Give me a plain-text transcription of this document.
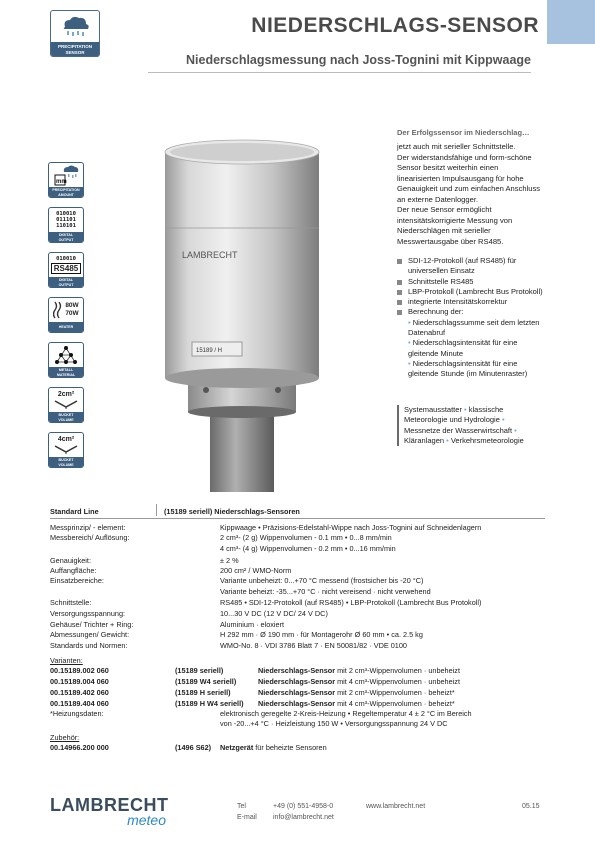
PRECIPITATION
SENSOR
NIEDERSCHLAGS-SENSOR
Niederschlagsmessung nach Joss-Tognini mit Kippwaage
mm
PRECIPITATION
AMOUNT
010010
011101
110101
DIGITAL
OUTPUT
010010
RS485
DIGITAL
OUTPUT
80W
70W
HEATER
METALL
MATERIAL
2cm²
BUCKET
VOLUME
4cm²
BUCKET
VOLUME
LAMBRECHT
15189 / H
Der Erfolgssensor im Niederschlag…

jetzt auch mit serieller Schnittstelle.

Der widerstandsfähige und form-schöne Sensor besitzt weiterhin einen linearisierten Impulsausgang für hohe Genauigkeit und zum einfachen Anschluss an externe Datenlogger.

Der neue Sensor ermöglicht intensitätskorrigierte Messung von Niederschlägen mit serieller Messwertausgabe über RS485.

SDI-12-Protokoll (auf RS485) für universellen Einsatz
Schnittstelle RS485
LBP-Protokoll (Lambrecht Bus Protokoll)
integrierte Intensitätskorrektur
Berechnung der:
• Niederschlagssumme seit dem letzten Datenabruf
• Niederschlagsintensität für eine gleitende Minute
• Niederschlagsintensität für eine gleitende Stunde (im Minutenraster)
Systemausstatter • klassische Meteorologie und Hydrologie • Messnetze der Wasserwirtschaft • Kläranlagen • Verkehrsmeteorologie
Standard Line	(15189 seriell) Niederschlags-Sensoren
Messprinzip/ - element:	Kippwaage • Präzisions-Edelstahl-Wippe nach Joss-Tognini auf Schneidenlagern
Messbereich/ Auflösung:	2 cm³- (2 g) Wippenvolumen - 0.1 mm • 0...8 mm/min
4 cm³- (4 g) Wippenvolumen - 0.2 mm • 0...16 mm/min
Genauigkeit:	± 2 %
Auffangfläche:	200 cm² / WMO-Norm
Einsatzbereiche:	Variante unbeheizt: 0...+70 °C messend (frostsicher bis -20 °C)
Variante beheizt: -35...+70 °C · nicht vereisend · nicht verwehend
Schnittstelle:	RS485 • SDI-12-Protokoll (auf RS485) • LBP-Protokoll (Lambrecht Bus Protokoll)
Versorgungsspannung:	10...30 V DC (12 V DC/ 24 V DC)
Gehäuse/ Trichter + Ring:	Aluminium · eloxiert
Abmessungen/ Gewicht:	H 292 mm · Ø 190 mm · für Montagerohr Ø 60 mm • ca. 2.5 kg
Standards und Normen:	WMO-No. 8 · VDI 3786 Blatt 7 · EN 50081/82 · VDE 0100
Varianten:
00.15189.002 060	(15189 seriell)	Niederschlags-Sensor mit 2 cm³-Wippenvolumen · unbeheizt
00.15189.004 060	(15189 W4 seriell)	Niederschlags-Sensor mit 4 cm³-Wippenvolumen · unbeheizt
00.15189.402 060	(15189 H seriell)	Niederschlags-Sensor mit 2 cm³-Wippenvolumen · beheizt*
00.15189.404 060	(15189 H W4 seriell) Niederschlags-Sensor mit 4 cm³-Wippenvolumen · beheizt*
*Heizungsdaten:	elektronisch geregelte 2-Kreis-Heizung • Regeltemperatur 4 ± 2 °C im Bereich
von -20...+4 °C · Heizleistung 150 W • Versorgungsspannung 24 V DC
Zubehör:
00.14966.200 000	(1496 S62) Netzgerät für beheizte Sensoren
LAMBRECHT
meteo
Tel	+49 (0) 551-4958-0
E-mail info@lambrecht.net
www.lambrecht.net	05.15
